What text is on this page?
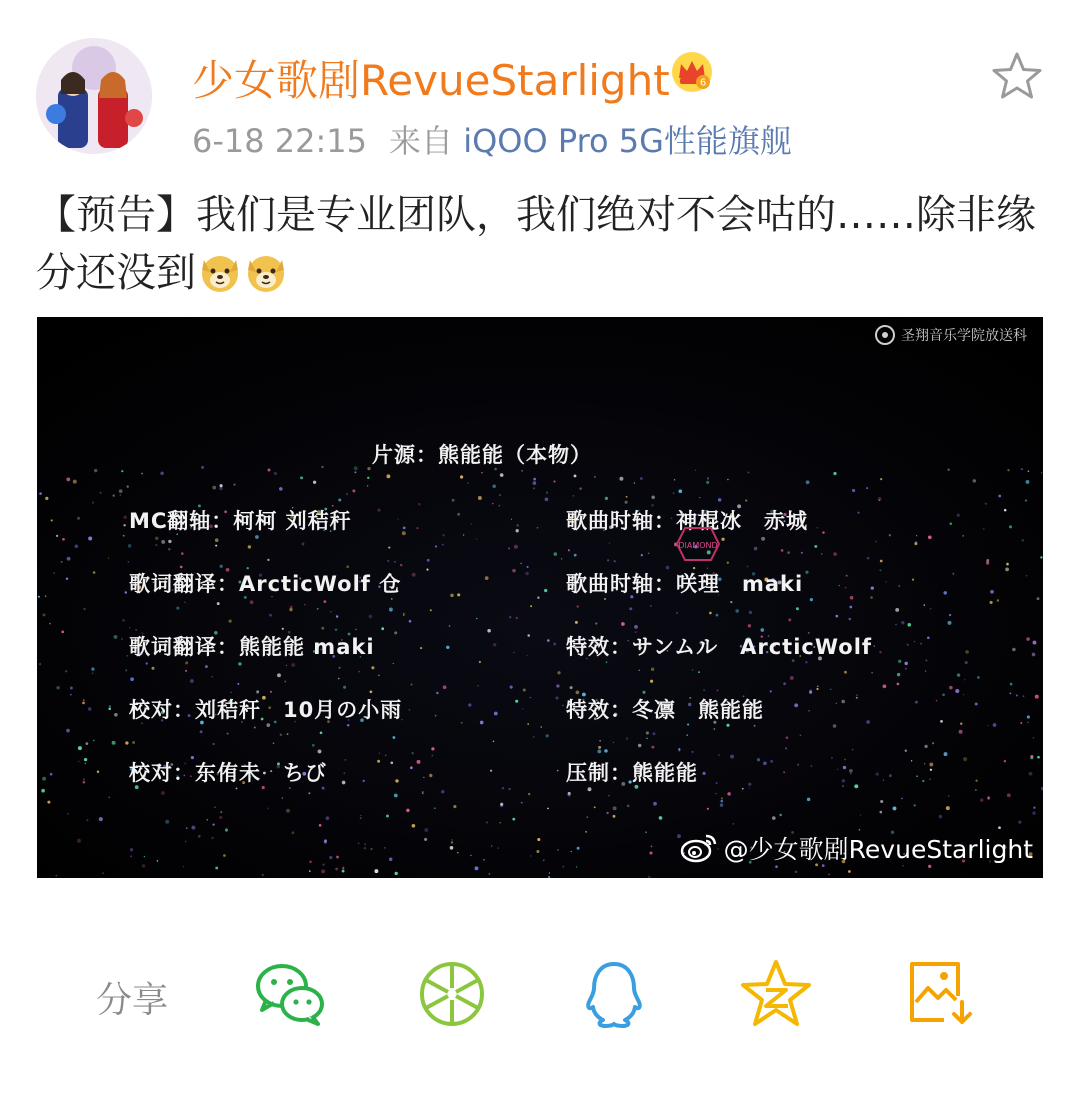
少女歌剧RevueStarlight	6
6-18 22:15 来自 iQOO Pro 5G性能旗舰
【预告】我们是专业团队，我们绝对不会咕的……除非缘分还没到
圣翔音乐学院放送科
片源：熊能能（本物）
MC翻轴：柯柯 刘秸秆
歌词翻译：ArcticWolf 仓
歌词翻译：熊能能 maki
校对：刘秸秆　10月の小雨
校对：东侑未　ちび
歌曲时轴：神棍冰　赤城
歌曲时轴：咲理　maki
特效：サンムル　ArcticWolf
特效：冬凛　熊能能
压制：熊能能
DIAMOND
@少女歌剧RevueStarlight
分享
